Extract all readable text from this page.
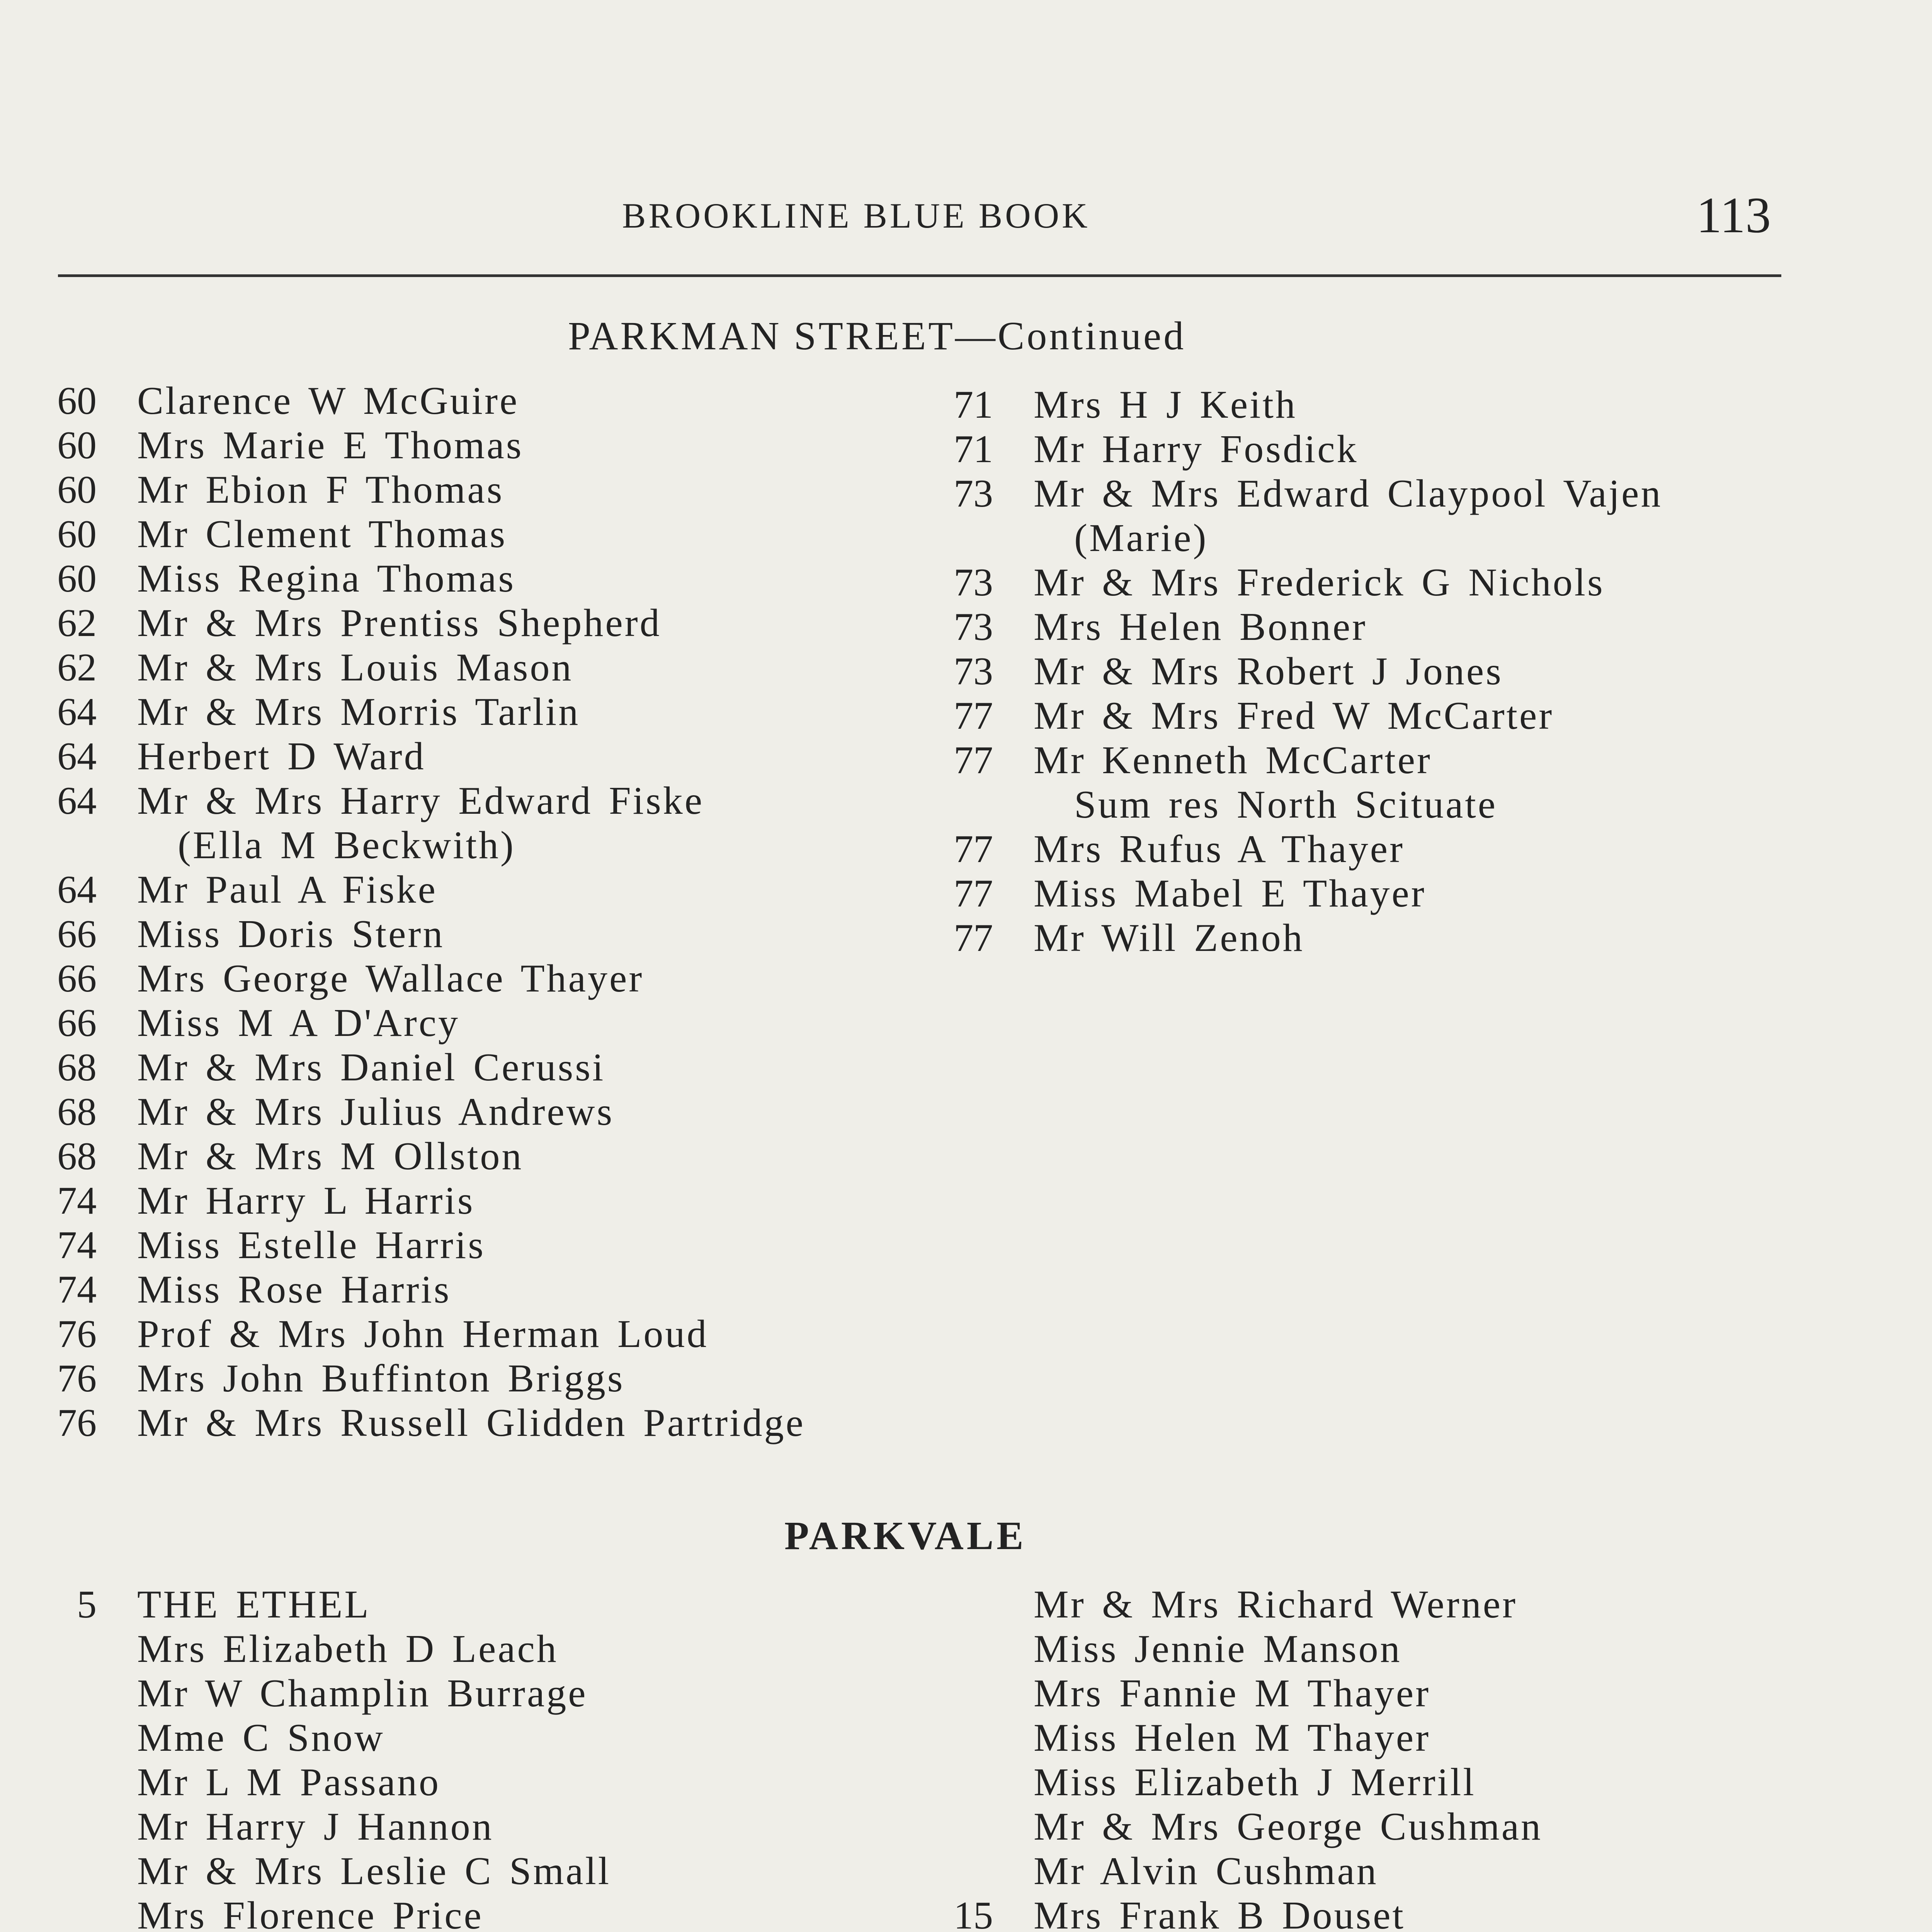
BROOKLINE BLUE BOOK	113
PARKMAN STREET—Continued
60 Clarence W McGuire
60 Mrs Marie E Thomas
60 Mr Ebion F Thomas
60 Mr Clement Thomas
60 Miss Regina Thomas
62 Mr & Mrs Prentiss Shepherd
62 Mr & Mrs Louis Mason
64 Mr & Mrs Morris Tarlin
64 Herbert D Ward
64 Mr & Mrs Harry Edward Fiske
(Ella M Beckwith)
64 Mr Paul A Fiske
66 Miss Doris Stern
66 Mrs George Wallace Thayer
66 Miss M A D'Arcy
68 Mr & Mrs Daniel Cerussi
68 Mr & Mrs Julius Andrews
68 Mr & Mrs M Ollston
74 Mr Harry L Harris
74 Miss Estelle Harris
74 Miss Rose Harris
76 Prof & Mrs John Herman Loud
76 Mrs John Buffinton Briggs
76 Mr & Mrs Russell Glidden Partridge
71 Mrs H J Keith
71 Mr Harry Fosdick
73 Mr & Mrs Edward Claypool Vajen
(Marie)
73 Mr & Mrs Frederick G Nichols
73 Mrs Helen Bonner
73 Mr & Mrs Robert J Jones
77 Mr & Mrs Fred W McCarter
77 Mr Kenneth McCarter
Sum res North Scituate
77 Mrs Rufus A Thayer
77 Miss Mabel E Thayer
77 Mr Will Zenoh
PARKVALE
5 THE ETHEL
Mrs Elizabeth D Leach
Mr W Champlin Burrage
Mme C Snow
Mr L M Passano
Mr Harry J Hannon
Mr & Mrs Leslie C Small
Mrs Florence Price
Mr & Mrs Richard Werner
Miss Jennie Manson
Mrs Fannie M Thayer
Miss Helen M Thayer
Miss Elizabeth J Merrill
Mr & Mrs George Cushman
Mr Alvin Cushman
15 Mrs Frank B Douset
